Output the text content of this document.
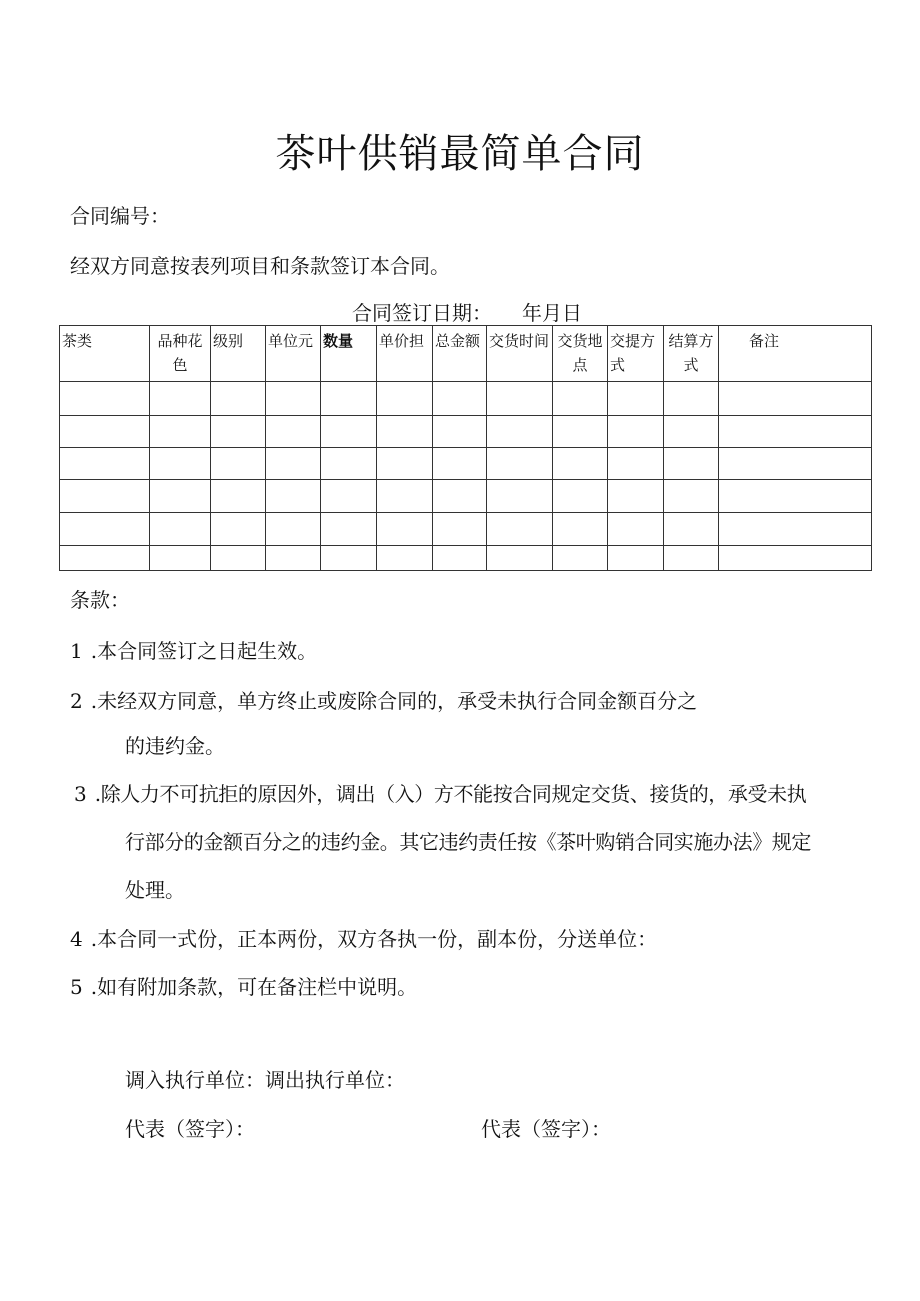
茶叶供销最简单合同
合同编号：
经双方同意按表列项目和条款签订本合同。
合同签订日期：　　年月日
茶类	品种花色	级别	单位元	数量	单价担	总金额	交货时间	交货地点	交提方式	结算方式	备注

条款：
1 .本合同签订之日起生效。
2 .未经双方同意，单方终止或废除合同的，承受未执行合同金额百分之
的违约金。
3 .除人力不可抗拒的原因外，调出（入）方不能按合同规定交货、接货的，承受未执
行部分的金额百分之的违约金。其它违约责任按《茶叶购销合同实施办法》规定
处理。
4 .本合同一式份，正本两份，双方各执一份，副本份，分送单位：
5 .如有附加条款，可在备注栏中说明。
调入执行单位：调出执行单位：
代表（签字）：	代表（签字）：
